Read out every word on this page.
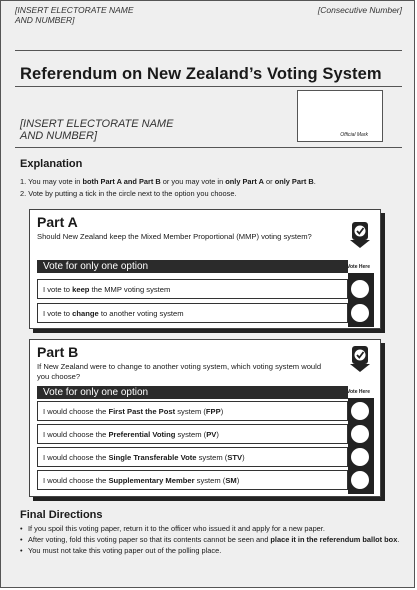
[INSERT ELECTORATE NAME
AND NUMBER]
[Consecutive Number]
Referendum on New Zealand’s Voting System
[INSERT ELECTORATE NAME
AND NUMBER]	Official Mark
Explanation
1. You may vote in both Part A and Part B or you may vote in only Part A or only Part B.
2. Vote by putting a tick in the circle next to the option you choose.
Part A
Should New Zealand keep the Mixed Member Proportional (MMP) voting system?
Vote for only one option	Vote Here
I vote to keep the MMP voting system
I vote to change to another voting system
Part B
If New Zealand were to change to another voting system, which voting system would you choose?
Vote for only one option	Vote Here
I would choose the First Past the Post system (FPP)
I would choose the Preferential Voting system (PV)
I would choose the Single Transferable Vote system (STV)
I would choose the Supplementary Member system (SM)
Final Directions
• If you spoil this voting paper, return it to the officer who issued it and apply for a new paper.
• After voting, fold this voting paper so that its contents cannot be seen and place it in the referendum ballot box.
• You must not take this voting paper out of the polling place.
